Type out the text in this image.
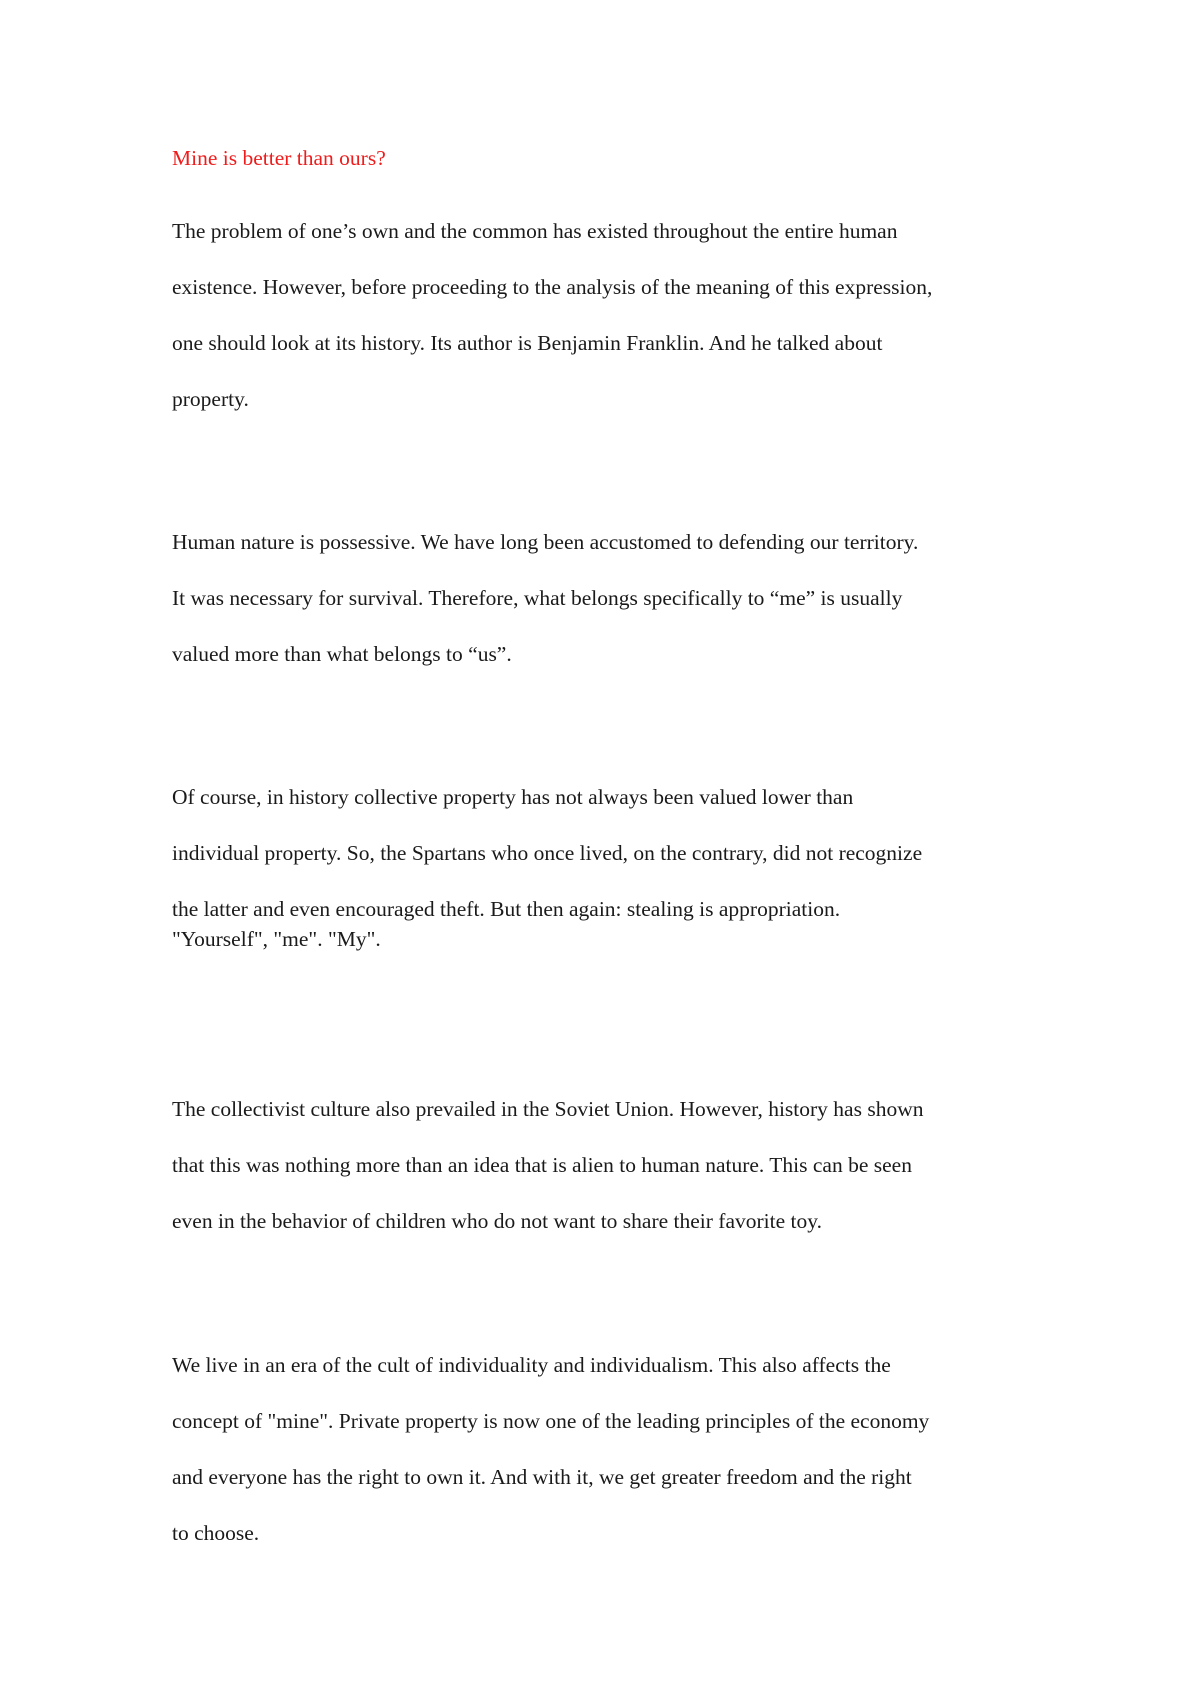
Mine is better than ours?
The problem of one’s own and the common has existed throughout the entire human
existence. However, before proceeding to the analysis of the meaning of this expression,
one should look at its history. Its author is Benjamin Franklin. And he talked about
property.
Human nature is possessive. We have long been accustomed to defending our territory.
It was necessary for survival. Therefore, what belongs specifically to “me” is usually
valued more than what belongs to “us”.
Of course, in history collective property has not always been valued lower than
individual property. So, the Spartans who once lived, on the contrary, did not recognize
the latter and even encouraged theft. But then again: stealing is appropriation.
"Yourself", "me". "My".
The collectivist culture also prevailed in the Soviet Union. However, history has shown
that this was nothing more than an idea that is alien to human nature. This can be seen
even in the behavior of children who do not want to share their favorite toy.
We live in an era of the cult of individuality and individualism. This also affects the
concept of "mine". Private property is now one of the leading principles of the economy
and everyone has the right to own it. And with it, we get greater freedom and the right
to choose.
